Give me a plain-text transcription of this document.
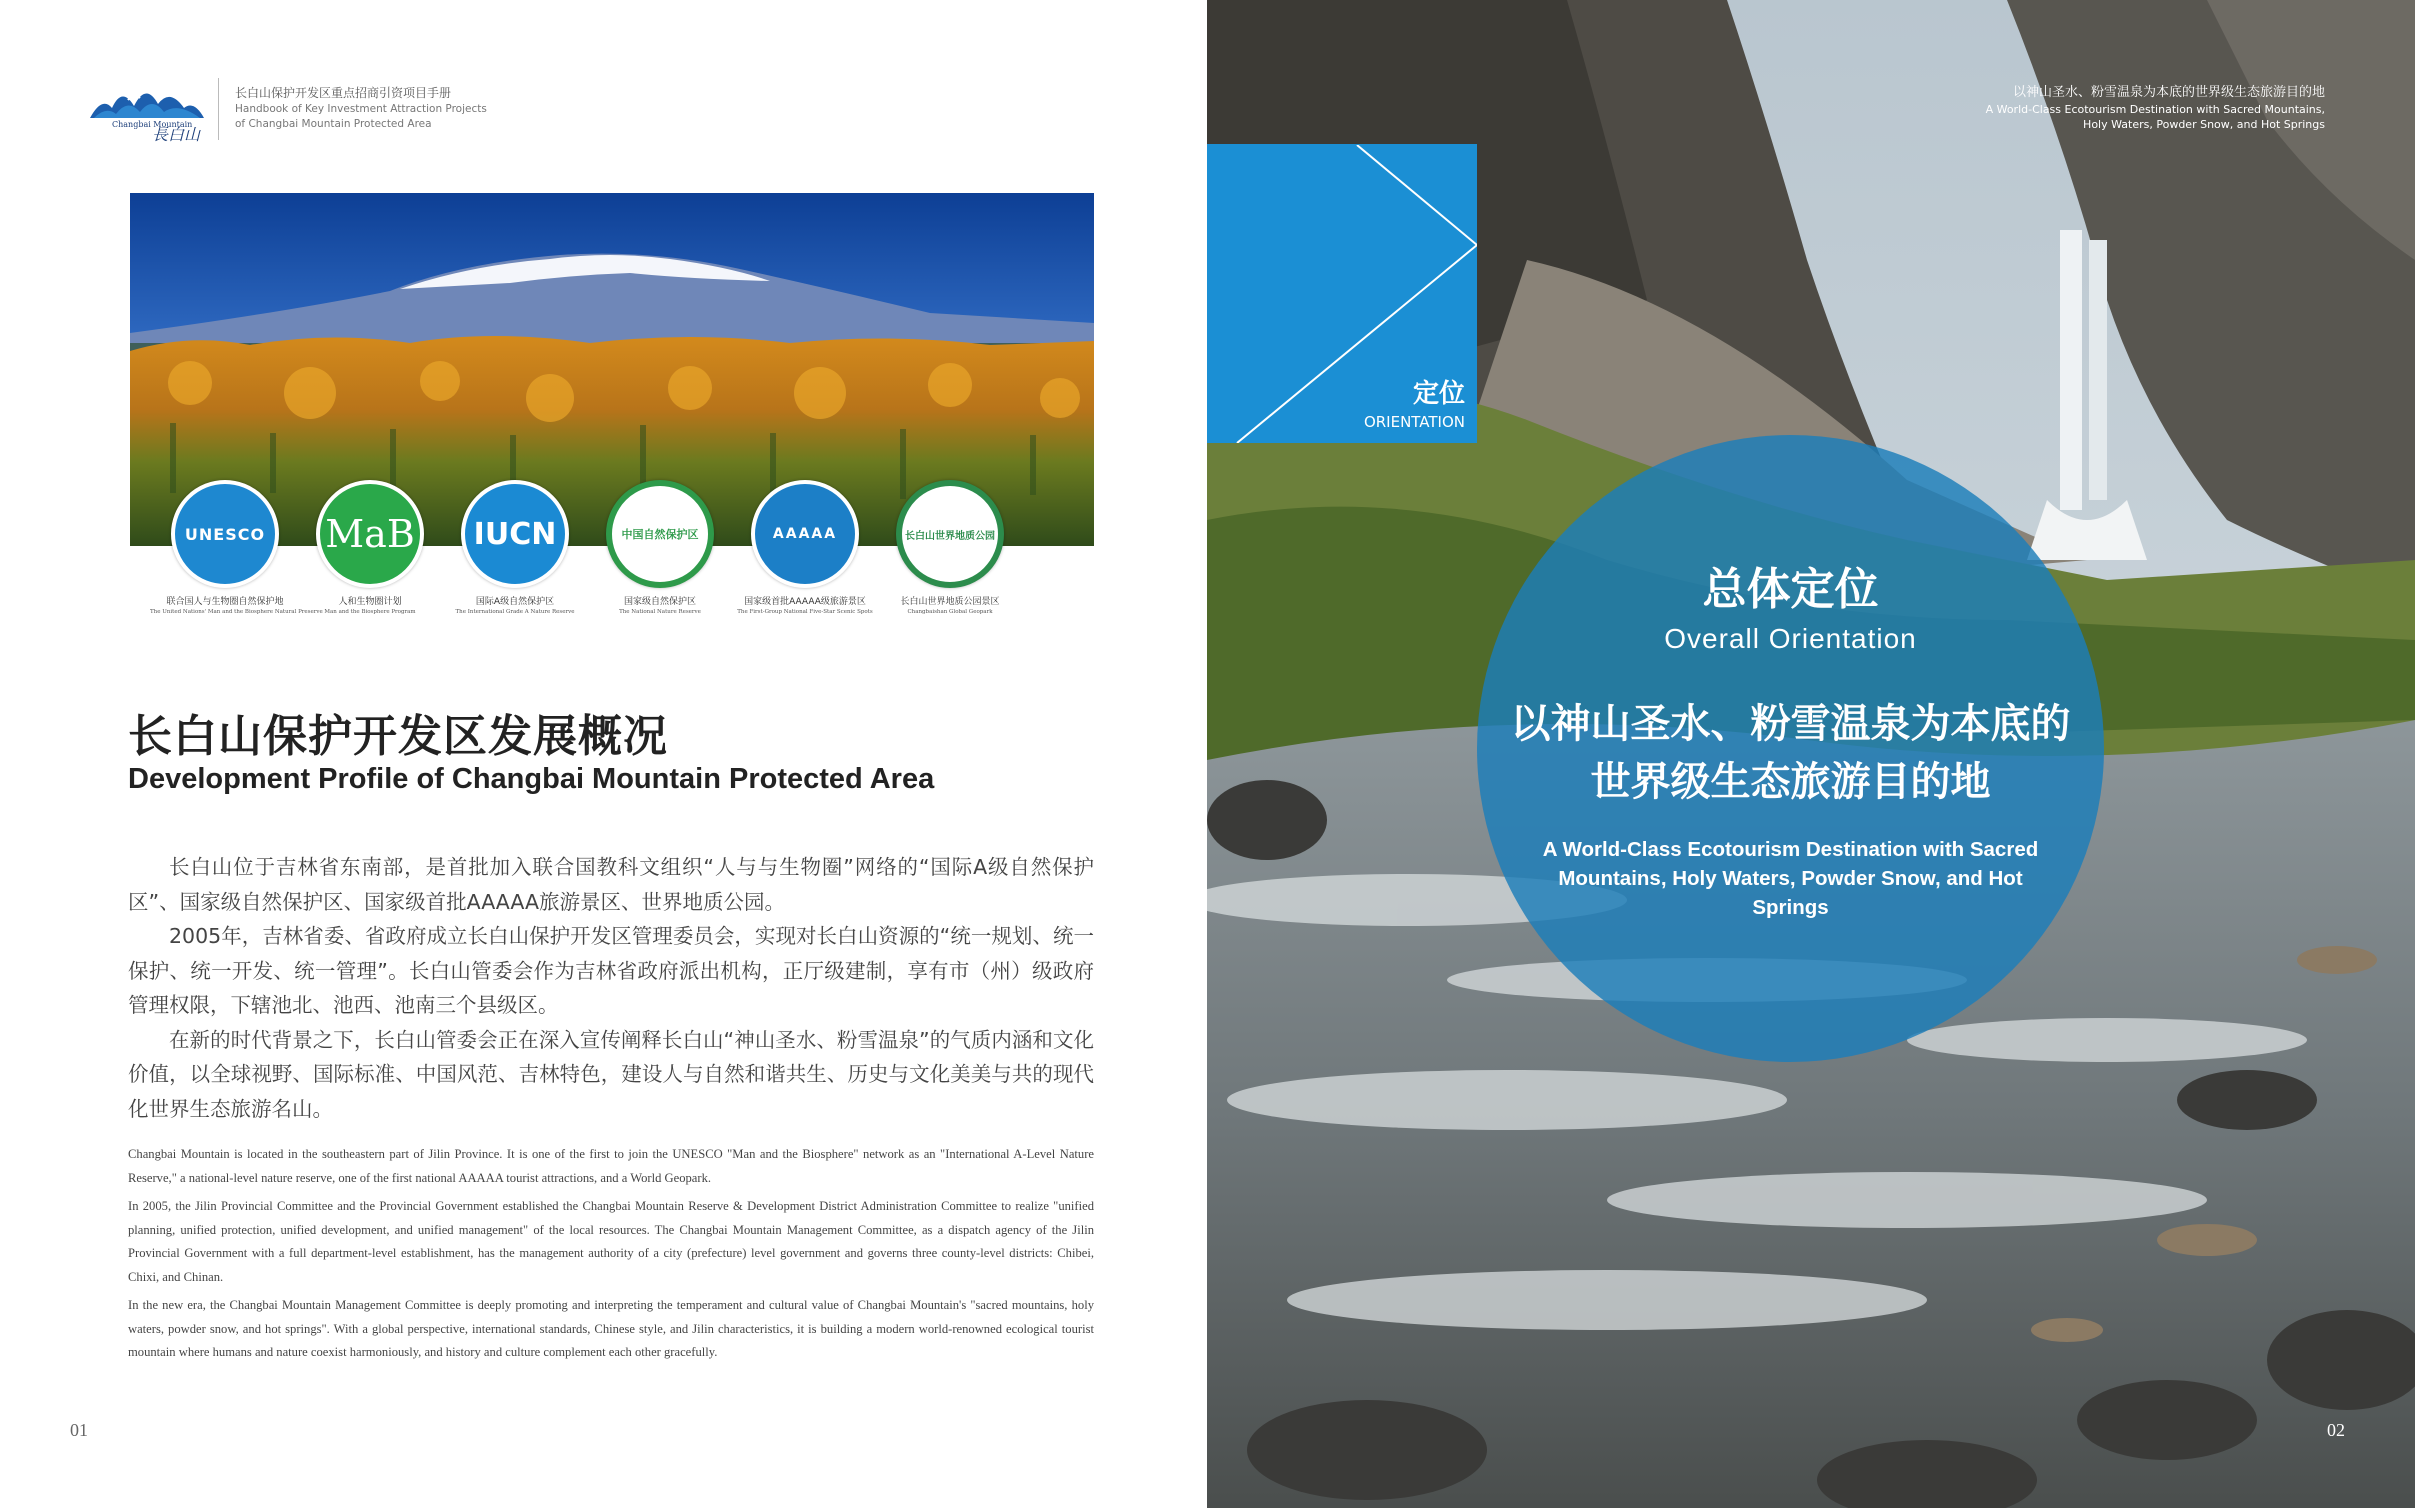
Changbai Mountain
長白山
长白山保护开发区重点招商引资项目手册
Handbook of Key Investment Attraction Projects
of Changbai Mountain Protected Area
UNESCO
联合国人与生物圈自然保护地
The United Nations' Man and the Biosphere Natural Preserve
MaB
人和生物圈计划
Man and the Biosphere Program
IUCN
国际A级自然保护区
The International Grade A Nature Reserve
中国自然保护区
国家级自然保护区
The National Nature Reserve
AAAAA
国家级首批AAAAA级旅游景区
The First-Group National Five-Star Scenic Spots
长白山世界地质公园
长白山世界地质公园景区
Changbaishan Global Geopark
长白山保护开发区发展概况
Development Profile of Changbai Mountain Protected Area

长白山位于吉林省东南部，是首批加入联合国教科文组织“人与与生物圈”网络的“国际A级自然保护区”、国家级自然保护区、国家级首批AAAAA旅游景区、世界地质公园。

2005年，吉林省委、省政府成立长白山保护开发区管理委员会，实现对长白山资源的“统一规划、统一保护、统一开发、统一管理”。长白山管委会作为吉林省政府派出机构，正厅级建制，享有市（州）级政府管理权限，下辖池北、池西、池南三个县级区。

在新的时代背景之下，长白山管委会正在深入宣传阐释长白山“神山圣水、粉雪温泉”的气质内涵和文化价值，以全球视野、国际标准、中国风范、吉林特色，建设人与自然和谐共生、历史与文化美美与共的现代化世界生态旅游名山。

Changbai Mountain is located in the southeastern part of Jilin Province. It is one of the first to join the UNESCO "Man and the Biosphere" network as an "International A-Level Nature Reserve," a national-level nature reserve, one of the first national AAAAA tourist attractions, and a World Geopark.

In 2005, the Jilin Provincial Committee and the Provincial Government established the Changbai Mountain Reserve & Development District Administration Committee to realize "unified planning, unified protection, unified development, and unified management" of the local resources. The Changbai Mountain Management Committee, as a dispatch agency of the Jilin Provincial Government with a full department-level establishment, has the management authority of a city (prefecture) level government and governs three county-level districts: Chibei, Chixi, and Chinan.

In the new era, the Changbai Mountain Management Committee is deeply promoting and interpreting the temperament and cultural value of Changbai Mountain's "sacred mountains, holy waters, powder snow, and hot springs". With a global perspective, international standards, Chinese style, and Jilin characteristics, it is building a modern world-renowned ecological tourist mountain where humans and nature coexist harmoniously, and history and culture complement each other gracefully.

01
以神山圣水、粉雪温泉为本底的世界级生态旅游目的地
A World-Class Ecotourism Destination with Sacred Mountains,
Holy Waters, Powder Snow, and Hot Springs
定位
ORIENTATION
总体定位
Overall Orientation
以神山圣水、粉雪温泉为本底的
世界级生态旅游目的地
A World-Class Ecotourism Destination with Sacred Mountains, Holy Waters, Powder Snow, and Hot Springs
02
